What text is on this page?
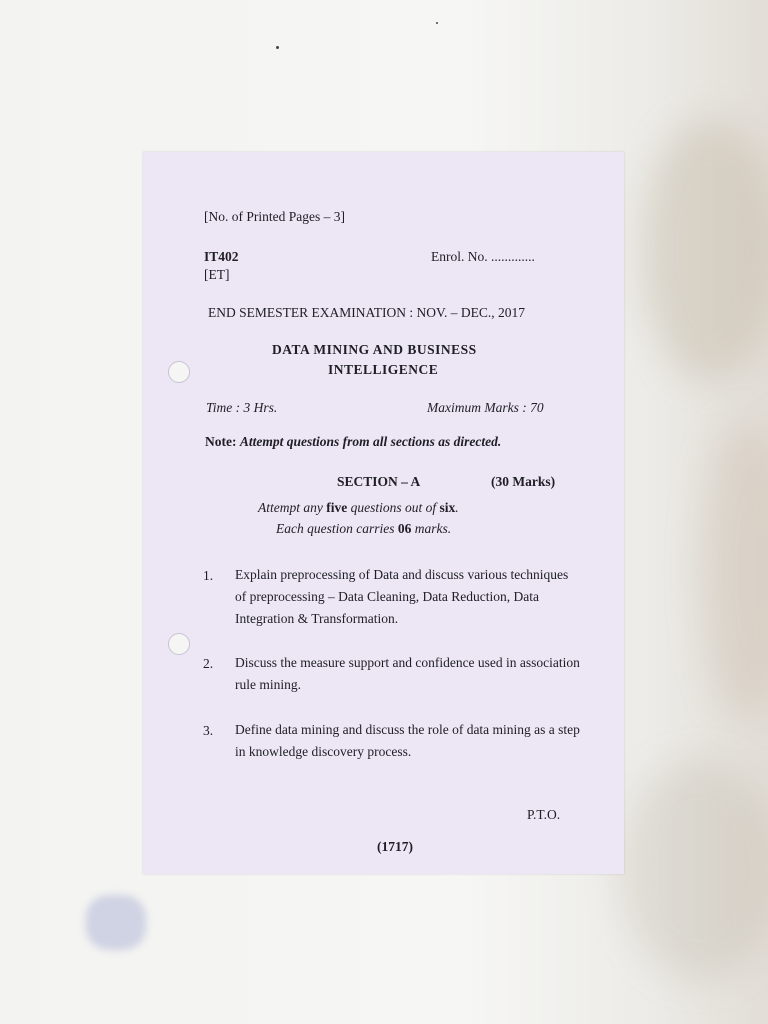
[No. of Printed Pages – 3]
IT402	Enrol. No. .............
[ET]
END SEMESTER EXAMINATION : NOV. – DEC., 2017
DATA MINING AND BUSINESS
INTELLIGENCE
Time : 3 Hrs.	Maximum Marks : 70
Note: Attempt questions from all sections as directed.
SECTION – A	(30 Marks)
Attempt any five questions out of six.
Each question carries 06 marks.
1. Explain preprocessing of Data and discuss various techniques of preprocessing – Data Cleaning, Data Reduction, Data Integration & Transformation.
2. Discuss the measure support and confidence used in association rule mining.
3. Define data mining and discuss the role of data mining as a step in knowledge discovery process.
P.T.O.
(1717)
